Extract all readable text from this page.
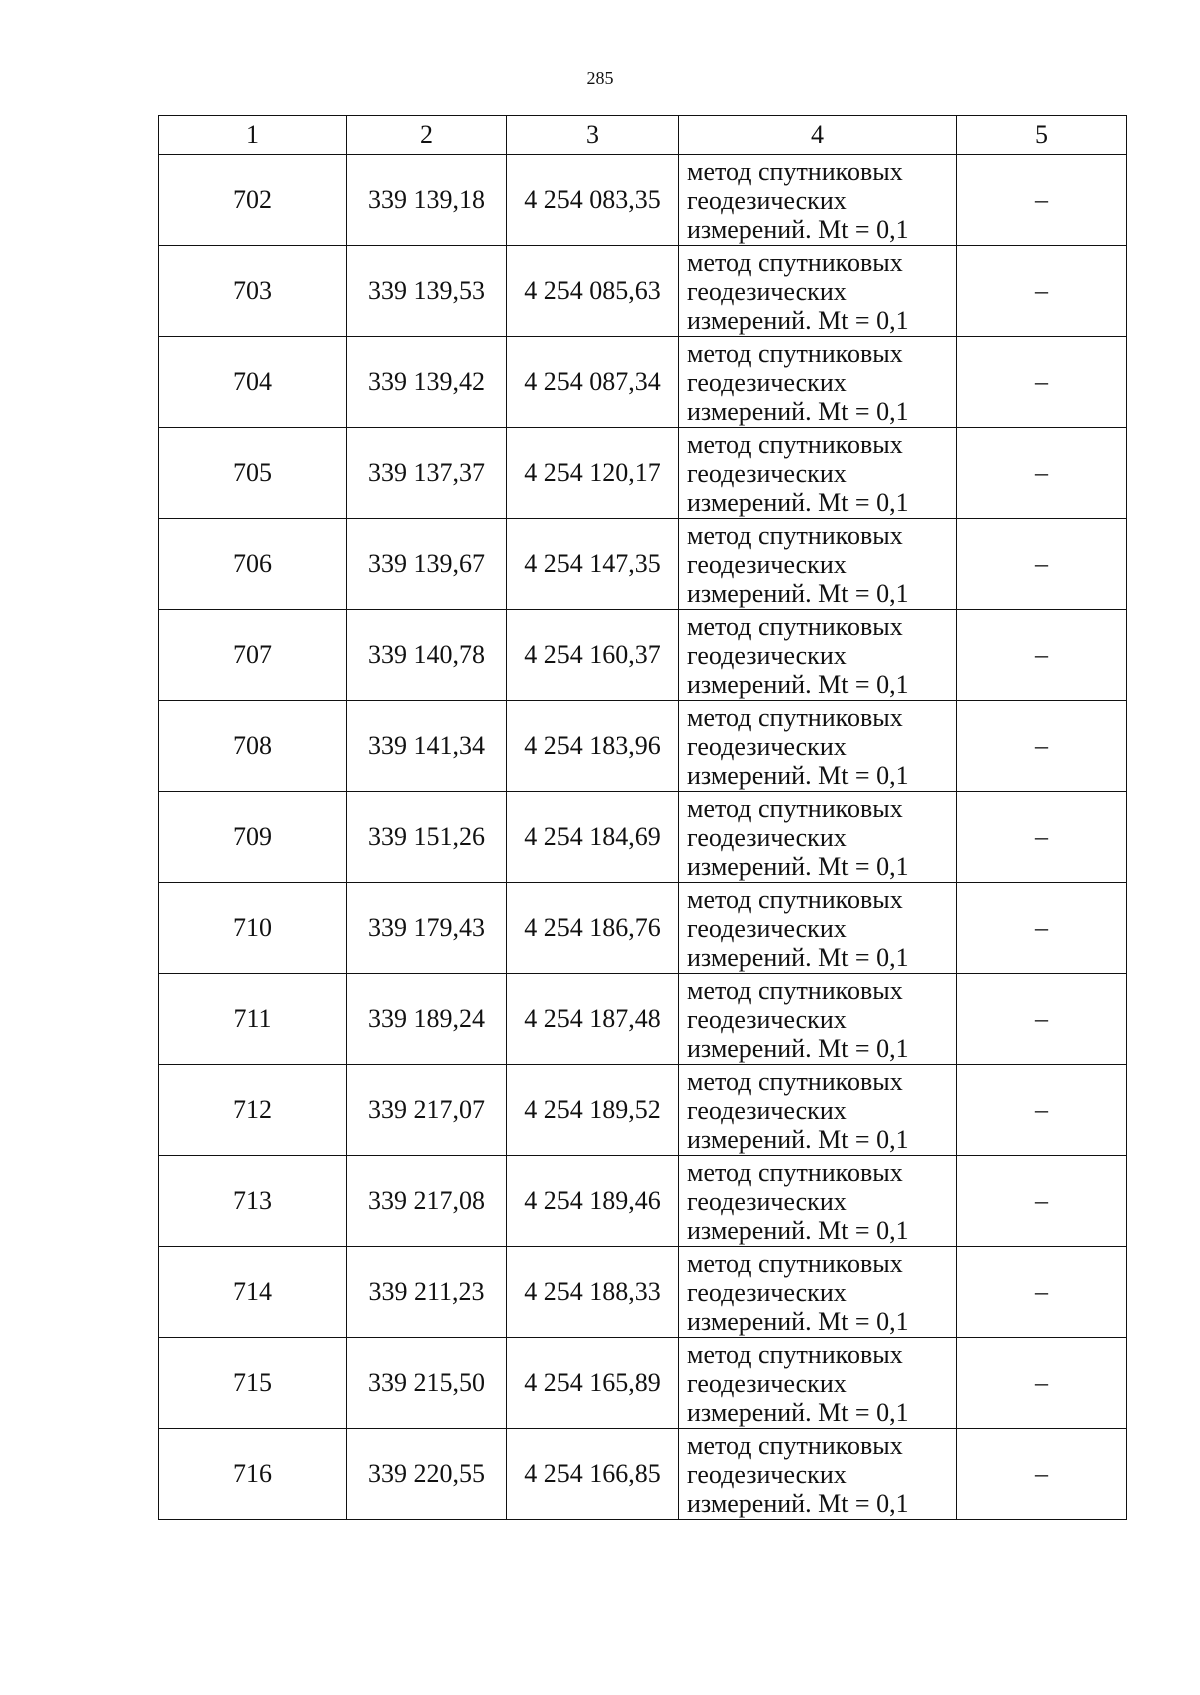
285
1	2	3	4	5
702	339 139,18	4 254 083,35	метод спутниковых
геодезических
измерений. Mt = 0,1	–
703	339 139,53	4 254 085,63	метод спутниковых
геодезических
измерений. Mt = 0,1	–
704	339 139,42	4 254 087,34	метод спутниковых
геодезических
измерений. Mt = 0,1	–
705	339 137,37	4 254 120,17	метод спутниковых
геодезических
измерений. Mt = 0,1	–
706	339 139,67	4 254 147,35	метод спутниковых
геодезических
измерений. Mt = 0,1	–
707	339 140,78	4 254 160,37	метод спутниковых
геодезических
измерений. Mt = 0,1	–
708	339 141,34	4 254 183,96	метод спутниковых
геодезических
измерений. Mt = 0,1	–
709	339 151,26	4 254 184,69	метод спутниковых
геодезических
измерений. Mt = 0,1	–
710	339 179,43	4 254 186,76	метод спутниковых
геодезических
измерений. Mt = 0,1	–
711	339 189,24	4 254 187,48	метод спутниковых
геодезических
измерений. Mt = 0,1	–
712	339 217,07	4 254 189,52	метод спутниковых
геодезических
измерений. Mt = 0,1	–
713	339 217,08	4 254 189,46	метод спутниковых
геодезических
измерений. Mt = 0,1	–
714	339 211,23	4 254 188,33	метод спутниковых
геодезических
измерений. Mt = 0,1	–
715	339 215,50	4 254 165,89	метод спутниковых
геодезических
измерений. Mt = 0,1	–
716	339 220,55	4 254 166,85	метод спутниковых
геодезических
измерений. Mt = 0,1	–
